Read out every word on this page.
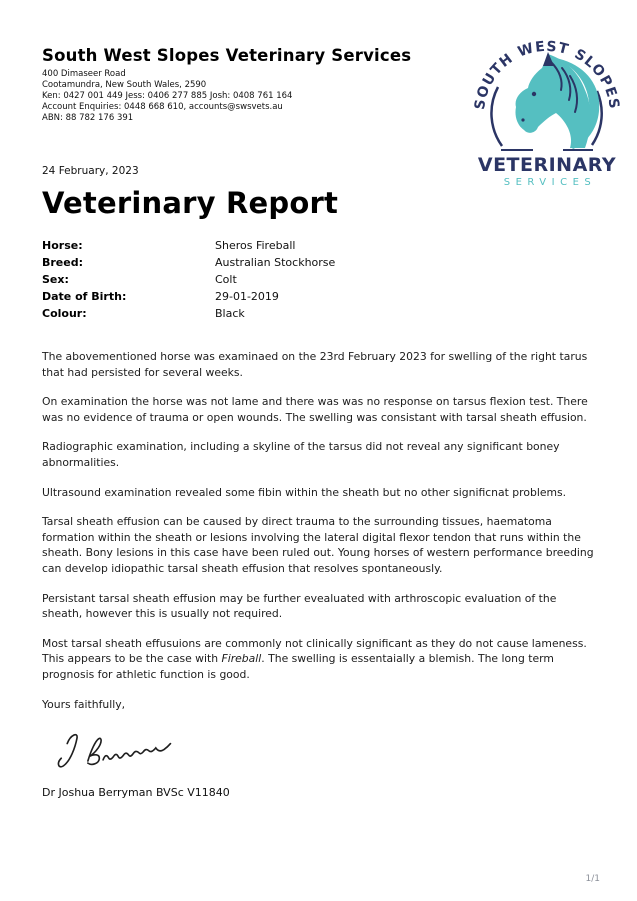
SOUTH WEST SLOPES
VETERINARY
SERVICES
South West Slopes Veterinary Services
400 Dimaseer Road
Cootamundra, New South Wales, 2590
Ken: 0427 001 449 Jess: 0406 277 885 Josh: 0408 761 164
Account Enquiries: 0448 668 610, accounts@swsvets.au
ABN: 88 782 176 391
24 February, 2023
Veterinary Report
Horse:	Sheros Fireball
Breed:	Australian Stockhorse
Sex:	Colt
Date of Birth:	29-01-2019
Colour:	Black

The abovementioned horse was examinaed on the 23rd February 2023 for swelling of the right tarus that had persisted for several weeks.

On examination the horse was not lame and there was was no response on tarsus flexion test. There was no evidence of trauma or open wounds. The swelling was consistant with tarsal sheath effusion.

Radiographic examination, including a skyline of the tarsus did not reveal any significant boney abnormalities.

Ultrasound examination revealed some fibin within the sheath but no other significnat problems.

Tarsal sheath effusion can be caused by direct trauma to the surrounding tissues, haematoma formation within the sheath or lesions involving the lateral digital flexor tendon that runs within the sheath. Bony lesions in this case have been ruled out. Young horses of western performance breeding can develop idiopathic tarsal sheath effusion that resolves spontaneously.

Persistant tarsal sheath effusion may be further evealuated with arthroscopic evaluation of the sheath, however this is usually not required.

Most tarsal sheath effusuions are commonly not clinically significant as they do not cause lameness. This appears to be the case with Fireball. The swelling is essentaially a blemish. The long term prognosis for athletic function is good.

Yours faithfully,

Dr Joshua Berryman BVSc V11840
1/1
